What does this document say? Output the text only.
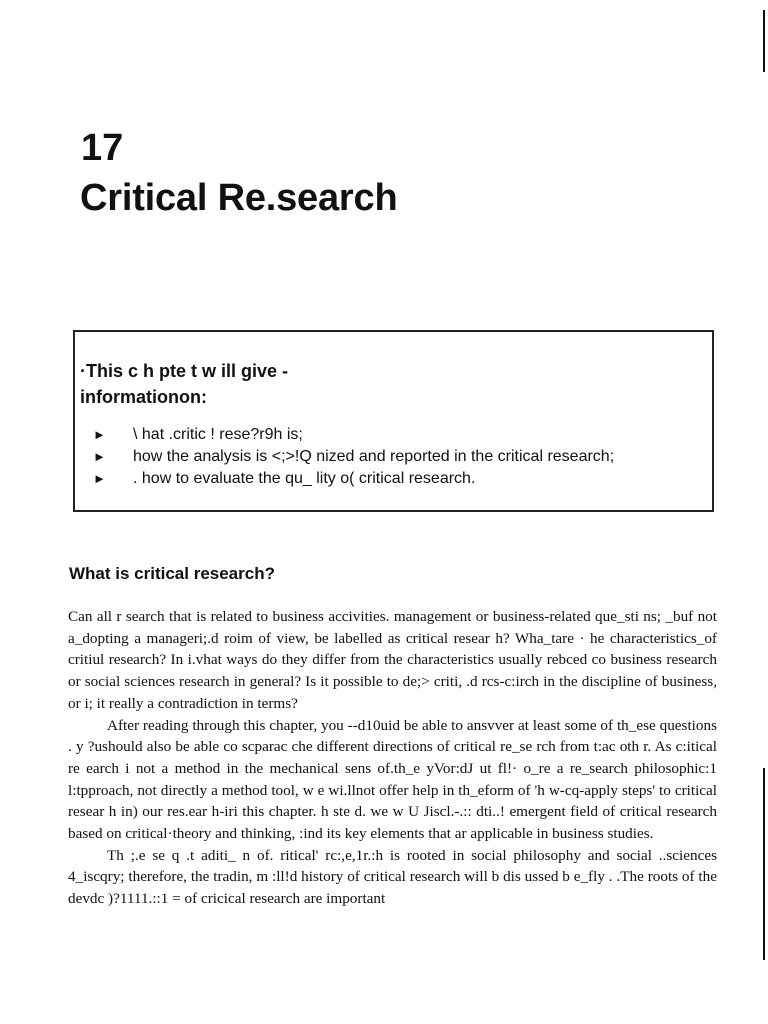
17
Critical Re.search

·This c h pte t w ill give -
informationon:

► \ hat .critic ! rese?r9h is;
► how the analysis is <;>!Q nized and reported in the critical research;
► . how to evaluate the qu_ lity o( critical research.
What is critical research?

Can all r search that is related to business accivities. management or business-related que_sti ns; _buf not a_dopting a manageri;.d roim of view, be labelled as critical resear h? Wha_tare · he characteristics_of critiul research? In i.vhat ways do they differ from the characteristics usually rebced co business research or social sciences research in general? Is it possible to de;> criti, .d rcs-c:irch in the discipline of business, or i; it really a contradiction in terms?

After reading through this chapter, you --d10uid be able to ansvver at least some of th_ese questions . y ?ushould also be able co scparac che different directions of critical re_se rch from t:ac oth r. As c:itical re earch i not a method in the mechanical sens of.th_e yVor:dJ ut fl!· o_re a re_search philosophic:1 l:tpproach, not directly a method tool, w e wi.llnot offer help in th_eform of 'h w-cq-apply steps' to critical resear h in) our res.ear h-iri this chapter. h ste d. we w U Jiscl.-.:: dti..! emergent field of critical research based on critical·theory and thinking, :ind its key elements that ar applicable in business studies.

Th ;.e se q .t aditi_ n of. ritical' rc:,e,1r.:h is rooted in social philosophy and social ..sciences 4_iscqry; therefore, the tradin, m :ll!d history of critical research will b dis ussed b e_fly . .The roots of the devdc )?1111.::1 = of cricical research are important
